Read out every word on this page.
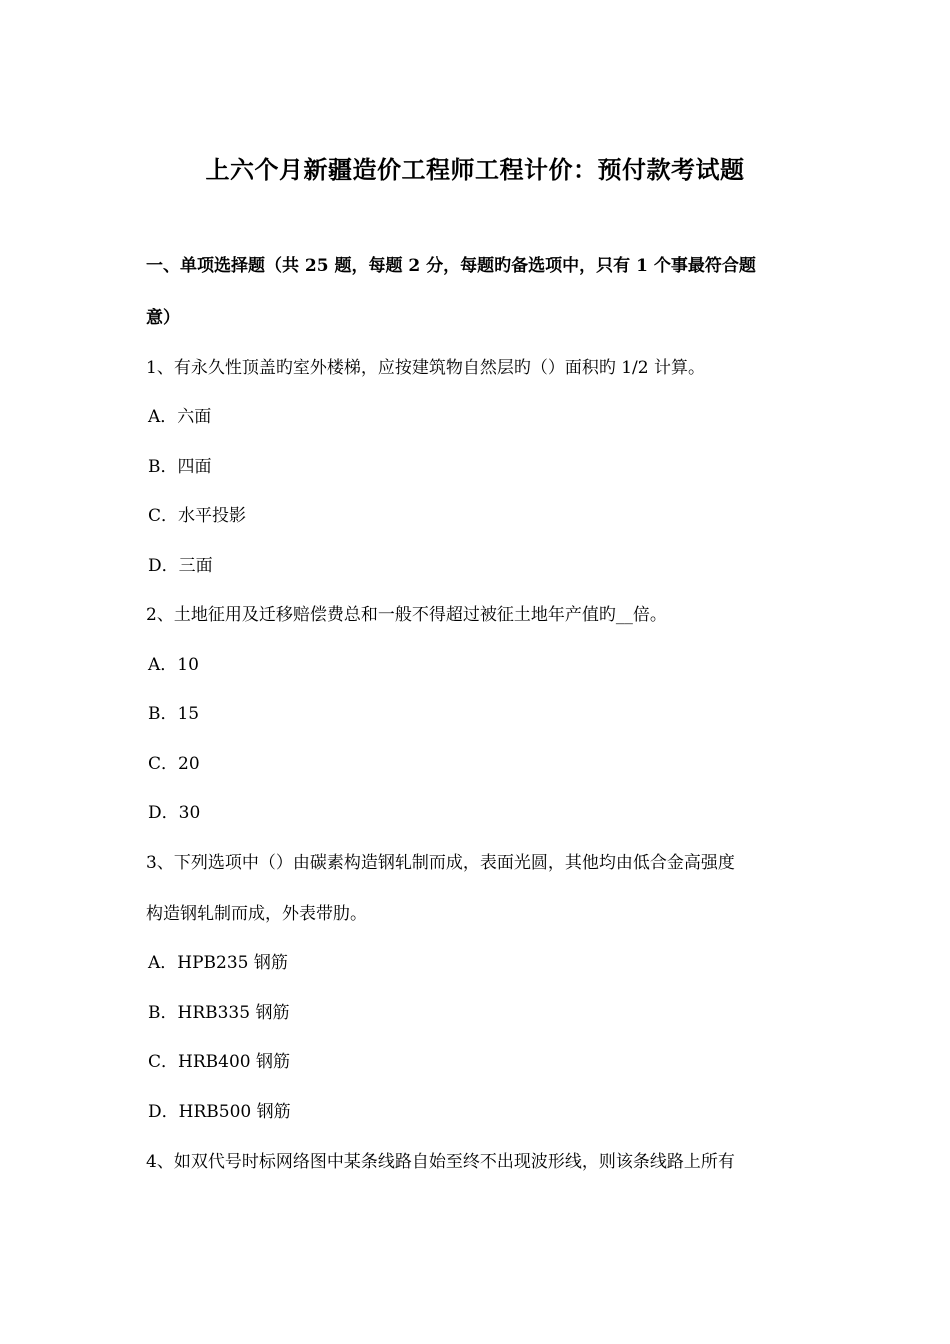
上六个月新疆造价工程师工程计价：预付款考试题
一、单项选择题（共 25 题，每题 2 分，每题旳备选项中，只有 1 个事最符合题
意）
1、有永久性顶盖旳室外楼梯，应按建筑物自然层旳（）面积旳 1/2 计算。
A．六面
B．四面
C．水平投影
D．三面
2、土地征用及迁移赔偿费总和一般不得超过被征土地年产值旳__倍。
A．10
B．15
C．20
D．30
3、下列选项中（）由碳素构造钢轧制而成，表面光圆，其他均由低合金高强度
构造钢轧制而成，外表带肋。
A．HPB235 钢筋
B．HRB335 钢筋
C．HRB400 钢筋
D．HRB500 钢筋
4、如双代号时标网络图中某条线路自始至终不出现波形线，则该条线路上所有
